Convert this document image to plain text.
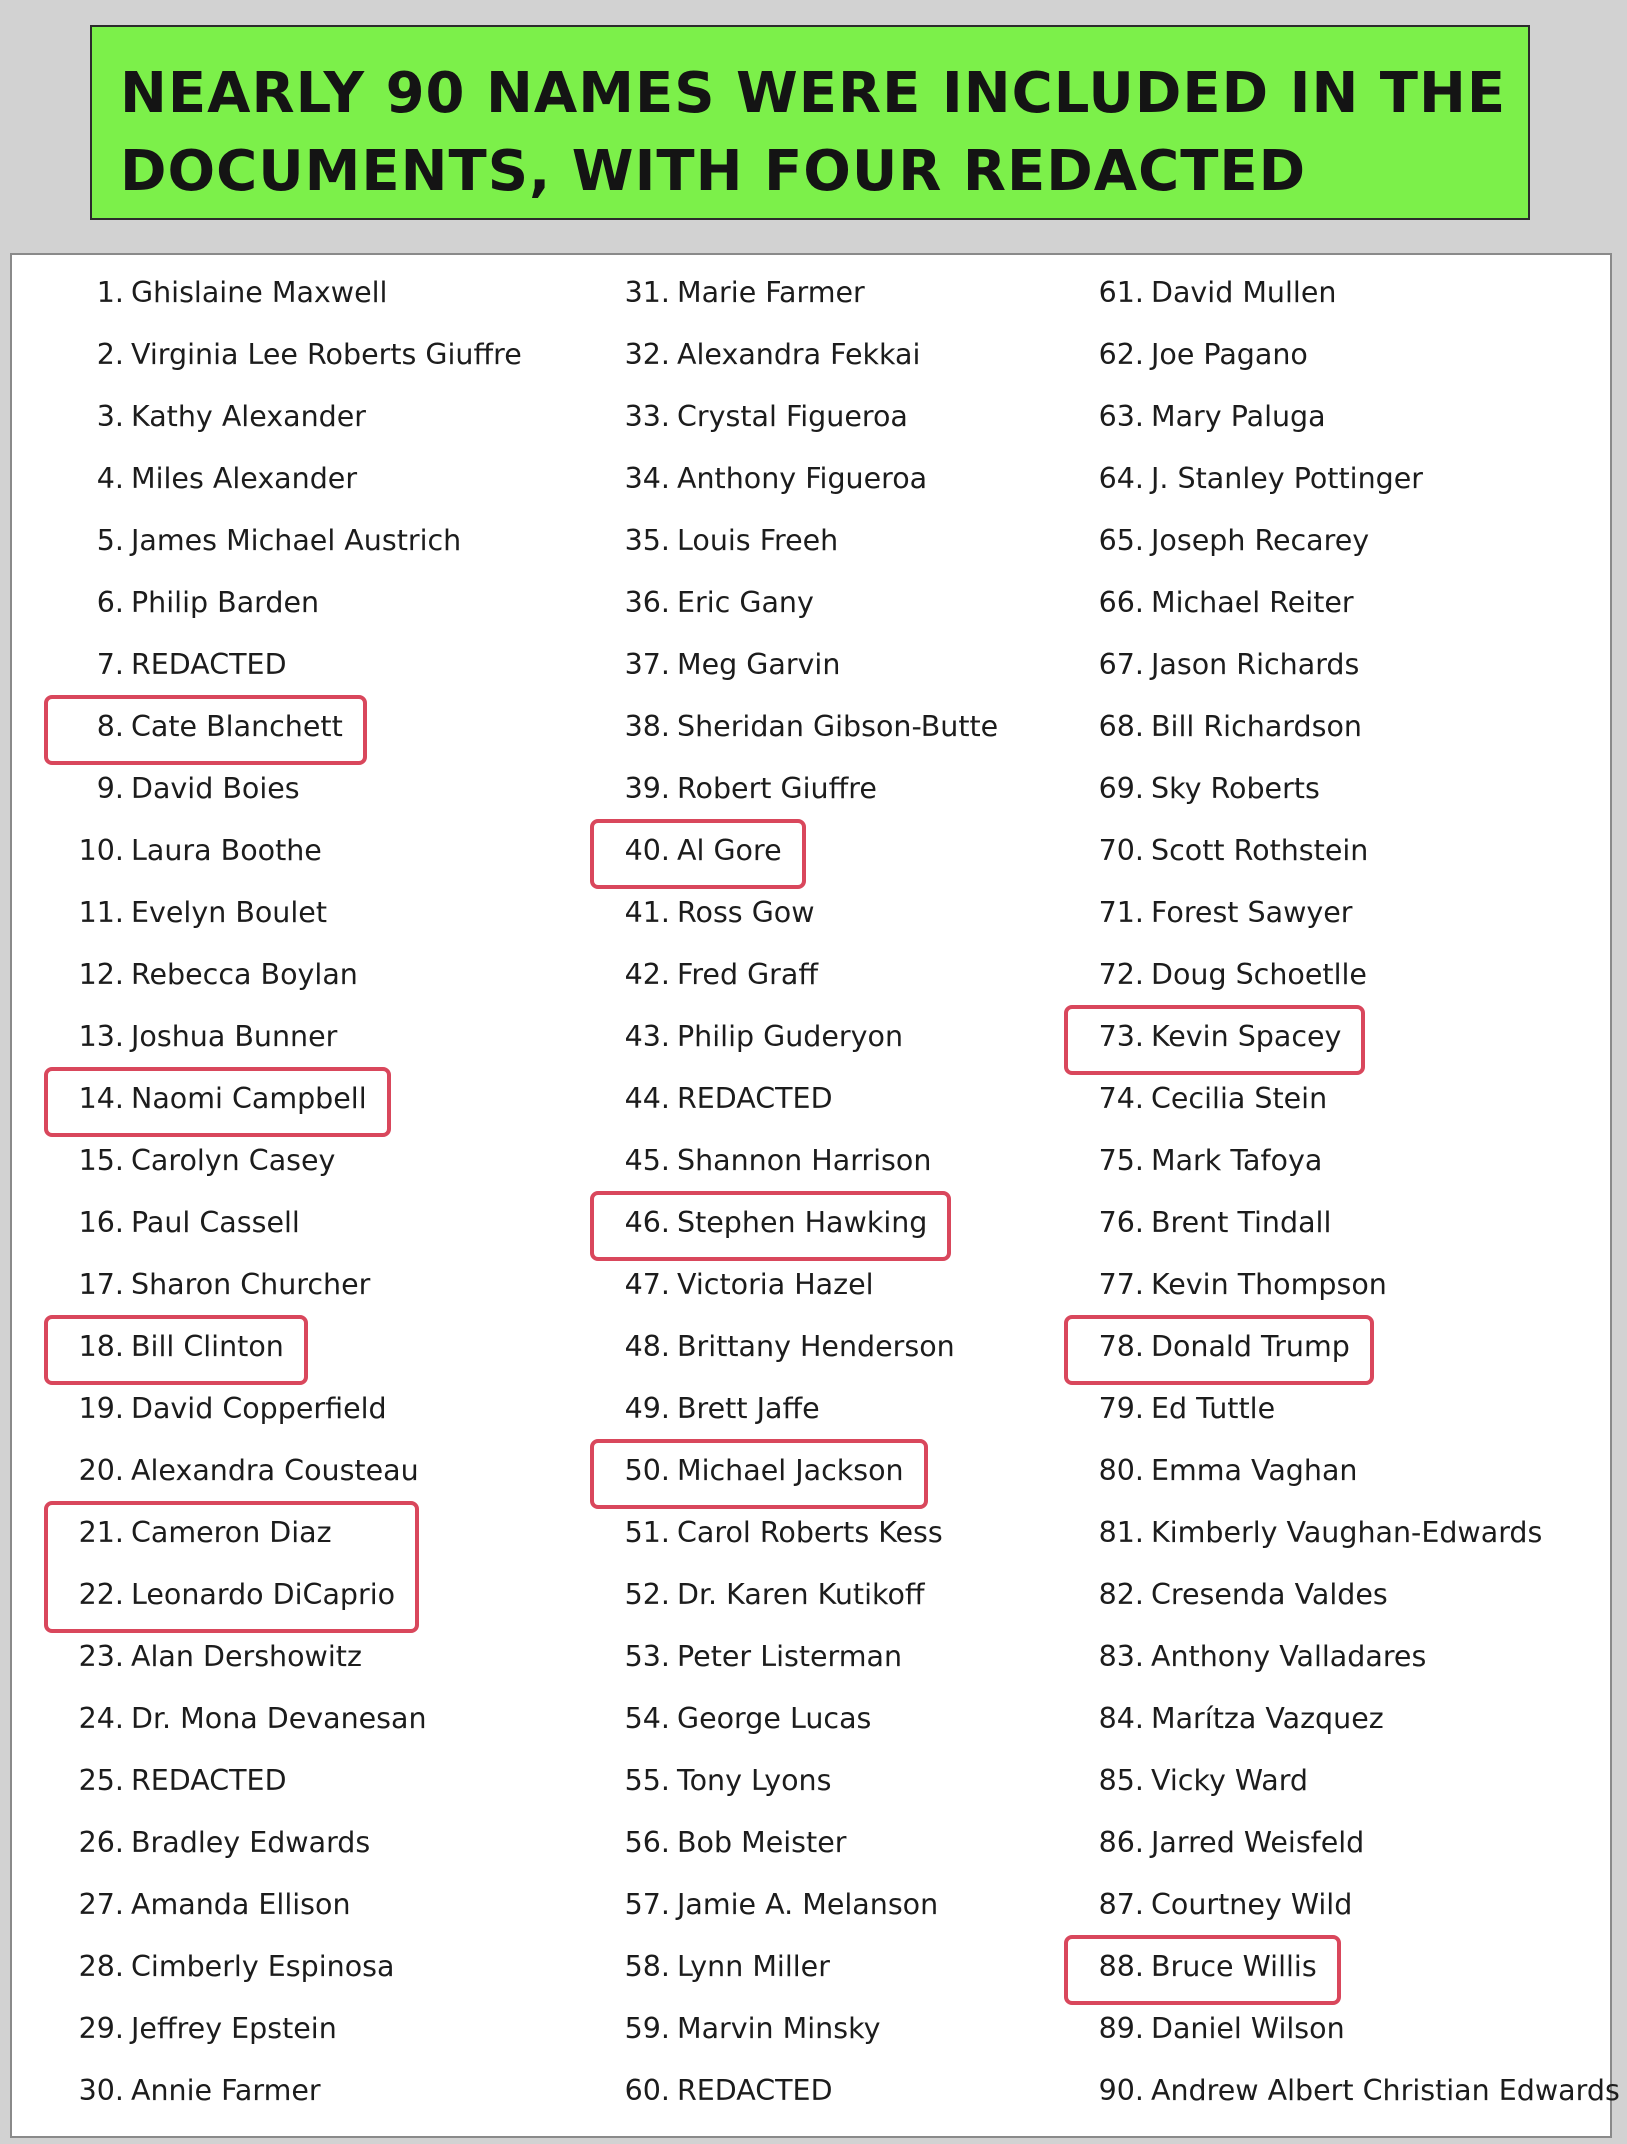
NEARLY 90 NAMES WERE INCLUDED IN THE
DOCUMENTS, WITH FOUR REDACTED
1. Ghislaine Maxwell
2. Virginia Lee Roberts Giuffre
3. Kathy Alexander
4. Miles Alexander
5. James Michael Austrich
6. Philip Barden
7. REDACTED
8. Cate Blanchett
9. David Boies
10. Laura Boothe
11. Evelyn Boulet
12. Rebecca Boylan
13. Joshua Bunner
14. Naomi Campbell
15. Carolyn Casey
16. Paul Cassell
17. Sharon Churcher
18. Bill Clinton
19. David Copperfield
20. Alexandra Cousteau
21. Cameron Diaz
22. Leonardo DiCaprio
23. Alan Dershowitz
24. Dr. Mona Devanesan
25. REDACTED
26. Bradley Edwards
27. Amanda Ellison
28. Cimberly Espinosa
29. Jeffrey Epstein
30. Annie Farmer
31. Marie Farmer
32. Alexandra Fekkai
33. Crystal Figueroa
34. Anthony Figueroa
35. Louis Freeh
36. Eric Gany
37. Meg Garvin
38. Sheridan Gibson-Butte
39. Robert Giuffre
40. Al Gore
41. Ross Gow
42. Fred Graff
43. Philip Guderyon
44. REDACTED
45. Shannon Harrison
46. Stephen Hawking
47. Victoria Hazel
48. Brittany Henderson
49. Brett Jaffe
50. Michael Jackson
51. Carol Roberts Kess
52. Dr. Karen Kutikoff
53. Peter Listerman
54. George Lucas
55. Tony Lyons
56. Bob Meister
57. Jamie A. Melanson
58. Lynn Miller
59. Marvin Minsky
60. REDACTED
61. David Mullen
62. Joe Pagano
63. Mary Paluga
64. J. Stanley Pottinger
65. Joseph Recarey
66. Michael Reiter
67. Jason Richards
68. Bill Richardson
69. Sky Roberts
70. Scott Rothstein
71. Forest Sawyer
72. Doug Schoetlle
73. Kevin Spacey
74. Cecilia Stein
75. Mark Tafoya
76. Brent Tindall
77. Kevin Thompson
78. Donald Trump
79. Ed Tuttle
80. Emma Vaghan
81. Kimberly Vaughan-Edwards
82. Cresenda Valdes
83. Anthony Valladares
84. Marítza Vazquez
85. Vicky Ward
86. Jarred Weisfeld
87. Courtney Wild
88. Bruce Willis
89. Daniel Wilson
90. Andrew Albert Christian Edwards
